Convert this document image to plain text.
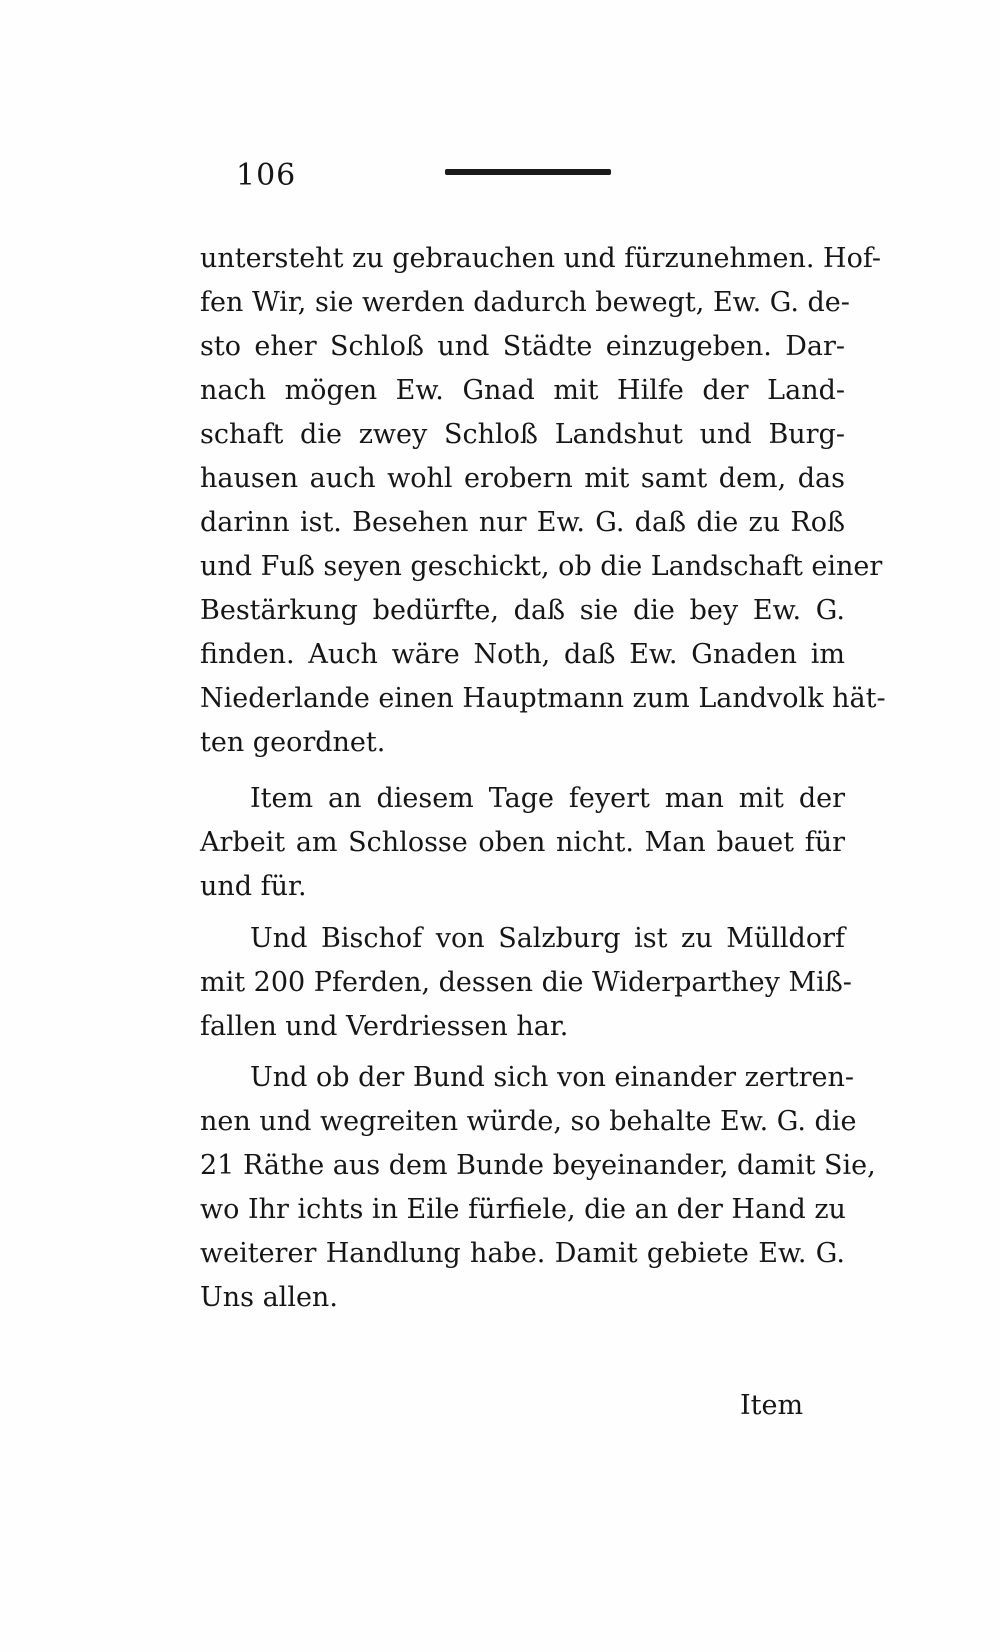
106
untersteht zu gebrauchen und fürzunehmen. Hof-
fen Wir, sie werden dadurch bewegt, Ew. G. de-
sto eher Schloß und Städte einzugeben. Dar-
nach mögen Ew. Gnad mit Hilfe der Land-
schaft die zwey Schloß Landshut und Burg-
hausen auch wohl erobern mit samt dem, das
darinn ist. Besehen nur Ew. G. daß die zu Roß
und Fuß seyen geschickt, ob die Landschaft einer
Bestärkung bedürfte, daß sie die bey Ew. G.
finden. Auch wäre Noth, daß Ew. Gnaden im
Niederlande einen Hauptmann zum Landvolk hät-
ten geordnet.
Item an diesem Tage feyert man mit der
Arbeit am Schlosse oben nicht. Man bauet für
und für.
Und Bischof von Salzburg ist zu Mülldorf
mit 200 Pferden, dessen die Widerparthey Miß-
fallen und Verdriessen har.
Und ob der Bund sich von einander zertren-
nen und wegreiten würde, so behalte Ew. G. die
21 Räthe aus dem Bunde beyeinander, damit Sie,
wo Ihr ichts in Eile fürfiele, die an der Hand zu
weiterer Handlung habe. Damit gebiete Ew. G.
Uns allen.
Item
